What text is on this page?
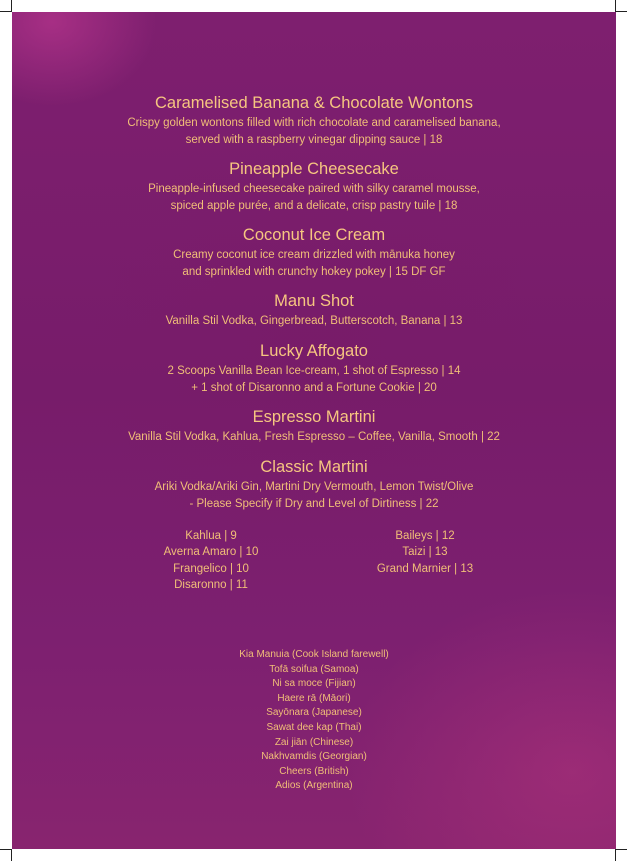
Caramelised Banana & Chocolate Wontons
Crispy golden wontons filled with rich chocolate and caramelised banana,
served with a raspberry vinegar dipping sauce | 18
Pineapple Cheesecake
Pineapple-infused cheesecake paired with silky caramel mousse,
spiced apple purée, and a delicate, crisp pastry tuile | 18
Coconut Ice Cream
Creamy coconut ice cream drizzled with mānuka honey
and sprinkled with crunchy hokey pokey | 15 DF GF
Manu Shot
Vanilla Stil Vodka, Gingerbread, Butterscotch, Banana | 13
Lucky Affogato
2 Scoops Vanilla Bean Ice-cream, 1 shot of Espresso | 14
+ 1 shot of Disaronno and a Fortune Cookie | 20
Espresso Martini
Vanilla Stil Vodka, Kahlua, Fresh Espresso – Coffee, Vanilla, Smooth | 22
Classic Martini
Ariki Vodka/Ariki Gin, Martini Dry Vermouth, Lemon Twist/Olive
- Please Specify if Dry and Level of Dirtiness | 22
Kahlua | 9
Averna Amaro | 10
Frangelico | 10
Disaronno | 11
Baileys | 12
Taizi | 13
Grand Marnier | 13
Kia Manuia (Cook Island farewell)
Tofā soifua (Samoa)
Ni sa moce (Fijian)
Haere rā (Māori)
Sayōnara (Japanese)
Sawat dee kap (Thai)
Zai jiān (Chinese)
Nakhvamdis (Georgian)
Cheers (British)
Adios (Argentina)
